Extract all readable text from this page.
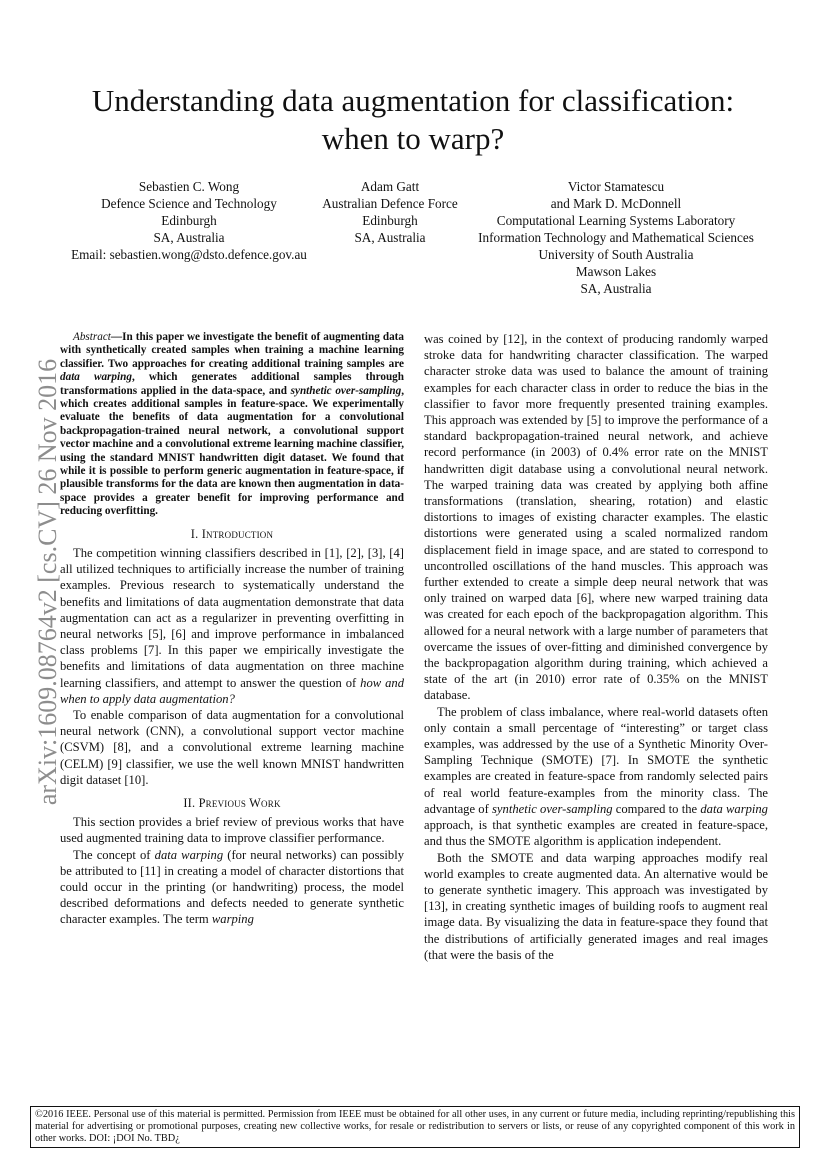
Understanding data augmentation for classification:
when to warp?
Sebastien C. Wong
Defence Science and Technology
Edinburgh
SA, Australia
Email: sebastien.wong@dsto.defence.gov.au
Adam Gatt
Australian Defence Force
Edinburgh
SA, Australia
Victor Stamatescu
and Mark D. McDonnell
Computational Learning Systems Laboratory
Information Technology and Mathematical Sciences
University of South Australia
Mawson Lakes
SA, Australia
arXiv:1609.08764v2 [cs.CV] 26 Nov 2016

Abstract—In this paper we investigate the benefit of augmenting data with synthetically created samples when training a machine learning classifier. Two approaches for creating additional training samples are data warping, which generates additional samples through transformations applied in the data-space, and synthetic over-sampling, which creates additional samples in feature-space. We experimentally evaluate the benefits of data augmentation for a convolutional backpropagation-trained neural network, a convolutional support vector machine and a convolutional extreme learning machine classifier, using the standard MNIST handwritten digit dataset. We found that while it is possible to perform generic augmentation in feature-space, if plausible transforms for the data are known then augmentation in data-space provides a greater benefit for improving performance and reducing overfitting.

I. Introduction

The competition winning classifiers described in [1], [2], [3], [4] all utilized techniques to artificially increase the number of training examples. Previous research to systematically understand the benefits and limitations of data augmentation demonstrate that data augmentation can act as a regularizer in preventing overfitting in neural networks [5], [6] and improve performance in imbalanced class problems [7]. In this paper we empirically investigate the benefits and limitations of data augmentation on three machine learning classifiers, and attempt to answer the question of how and when to apply data augmentation?

To enable comparison of data augmentation for a convolutional neural network (CNN), a convolutional support vector machine (CSVM) [8], and a convolutional extreme learning machine (CELM) [9] classifier, we use the well known MNIST handwritten digit dataset [10].

II. Previous Work

This section provides a brief review of previous works that have used augmented training data to improve classifier performance.

The concept of data warping (for neural networks) can possibly be attributed to [11] in creating a model of character distortions that could occur in the printing (or handwriting) process, the model described deformations and defects needed to generate synthetic character examples. The term warping

was coined by [12], in the context of producing randomly warped stroke data for handwriting character classification. The warped character stroke data was used to balance the amount of training examples for each character class in order to reduce the bias in the classifier to favor more frequently presented training examples. This approach was extended by [5] to improve the performance of a standard backpropagation-trained neural network, and achieve record performance (in 2003) of 0.4% error rate on the MNIST handwritten digit database using a convolutional neural network. The warped training data was created by applying both affine transformations (translation, shearing, rotation) and elastic distortions to images of existing character examples. The elastic distortions were generated using a scaled normalized random displacement field in image space, and are stated to correspond to uncontrolled oscillations of the hand muscles. This approach was further extended to create a simple deep neural network that was only trained on warped data [6], where new warped training data was created for each epoch of the backpropagation algorithm. This allowed for a neural network with a large number of parameters that overcame the issues of over-fitting and diminished convergence by the backpropagation algorithm during training, which achieved a state of the art (in 2010) error rate of 0.35% on the MNIST database.

The problem of class imbalance, where real-world datasets often only contain a small percentage of “interesting” or target class examples, was addressed by the use of a Synthetic Minority Over-Sampling Technique (SMOTE) [7]. In SMOTE the synthetic examples are created in feature-space from randomly selected pairs of real world feature-examples from the minority class. The advantage of synthetic over-sampling compared to the data warping approach, is that synthetic examples are created in feature-space, and thus the SMOTE algorithm is application independent.

Both the SMOTE and data warping approaches modify real world examples to create augmented data. An alternative would be to generate synthetic imagery. This approach was investigated by [13], in creating synthetic images of building roofs to augment real image data. By visualizing the data in feature-space they found that the distributions of artificially generated images and real images (that were the basis of the

©2016 IEEE. Personal use of this material is permitted. Permission from IEEE must be obtained for all other uses, in any current or future media, including reprinting/republishing this material for advertising or promotional purposes, creating new collective works, for resale or redistribution to servers or lists, or reuse of any copyrighted component of this work in other works. DOI: ¡DOI No. TBD¿
